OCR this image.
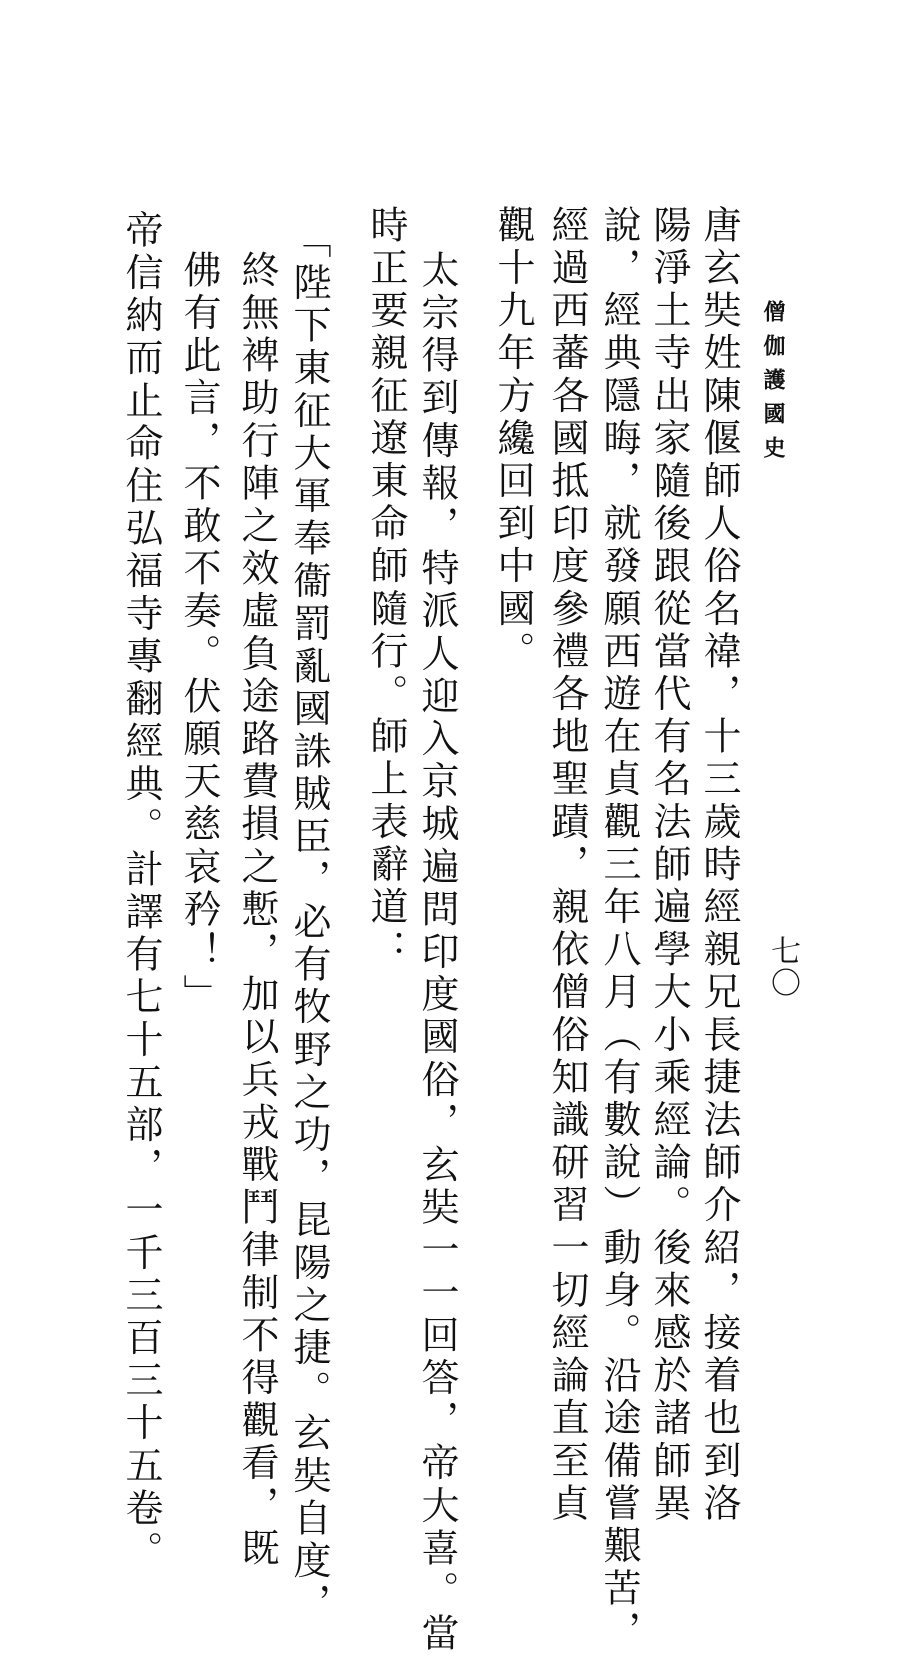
僧伽護國史
七〇
唐玄奘姓陳偃師人俗名禕，十三歲時經親兄長捷法師介紹，接着也到洛
陽淨土寺出家隨後跟從當代有名法師遍學大小乘經論。後來感於諸師異
說，經典隱晦，就發願西遊在貞觀三年八月（有數說）動身。沿途備嘗艱苦，
經過西蕃各國抵印度參禮各地聖蹟，親依僧俗知識研習一切經論直至貞
觀十九年方纔回到中國。
太宗得到傳報，特派人迎入京城遍問印度國俗，玄奘一一回答，帝大喜。當
時正要親征遼東命師隨行。師上表辭道：
「陛下東征大軍奉衞罰亂國誅賊臣，必有牧野之功，昆陽之捷。玄奘自度，
終無裨助行陣之效虛負途路費損之慙，加以兵戎戰鬥律制不得觀看，既
佛有此言，不敢不奏。伏願天慈哀矜！」
帝信納而止命住弘福寺專翻經典。計譯有七十五部，一千三百三十五卷。
